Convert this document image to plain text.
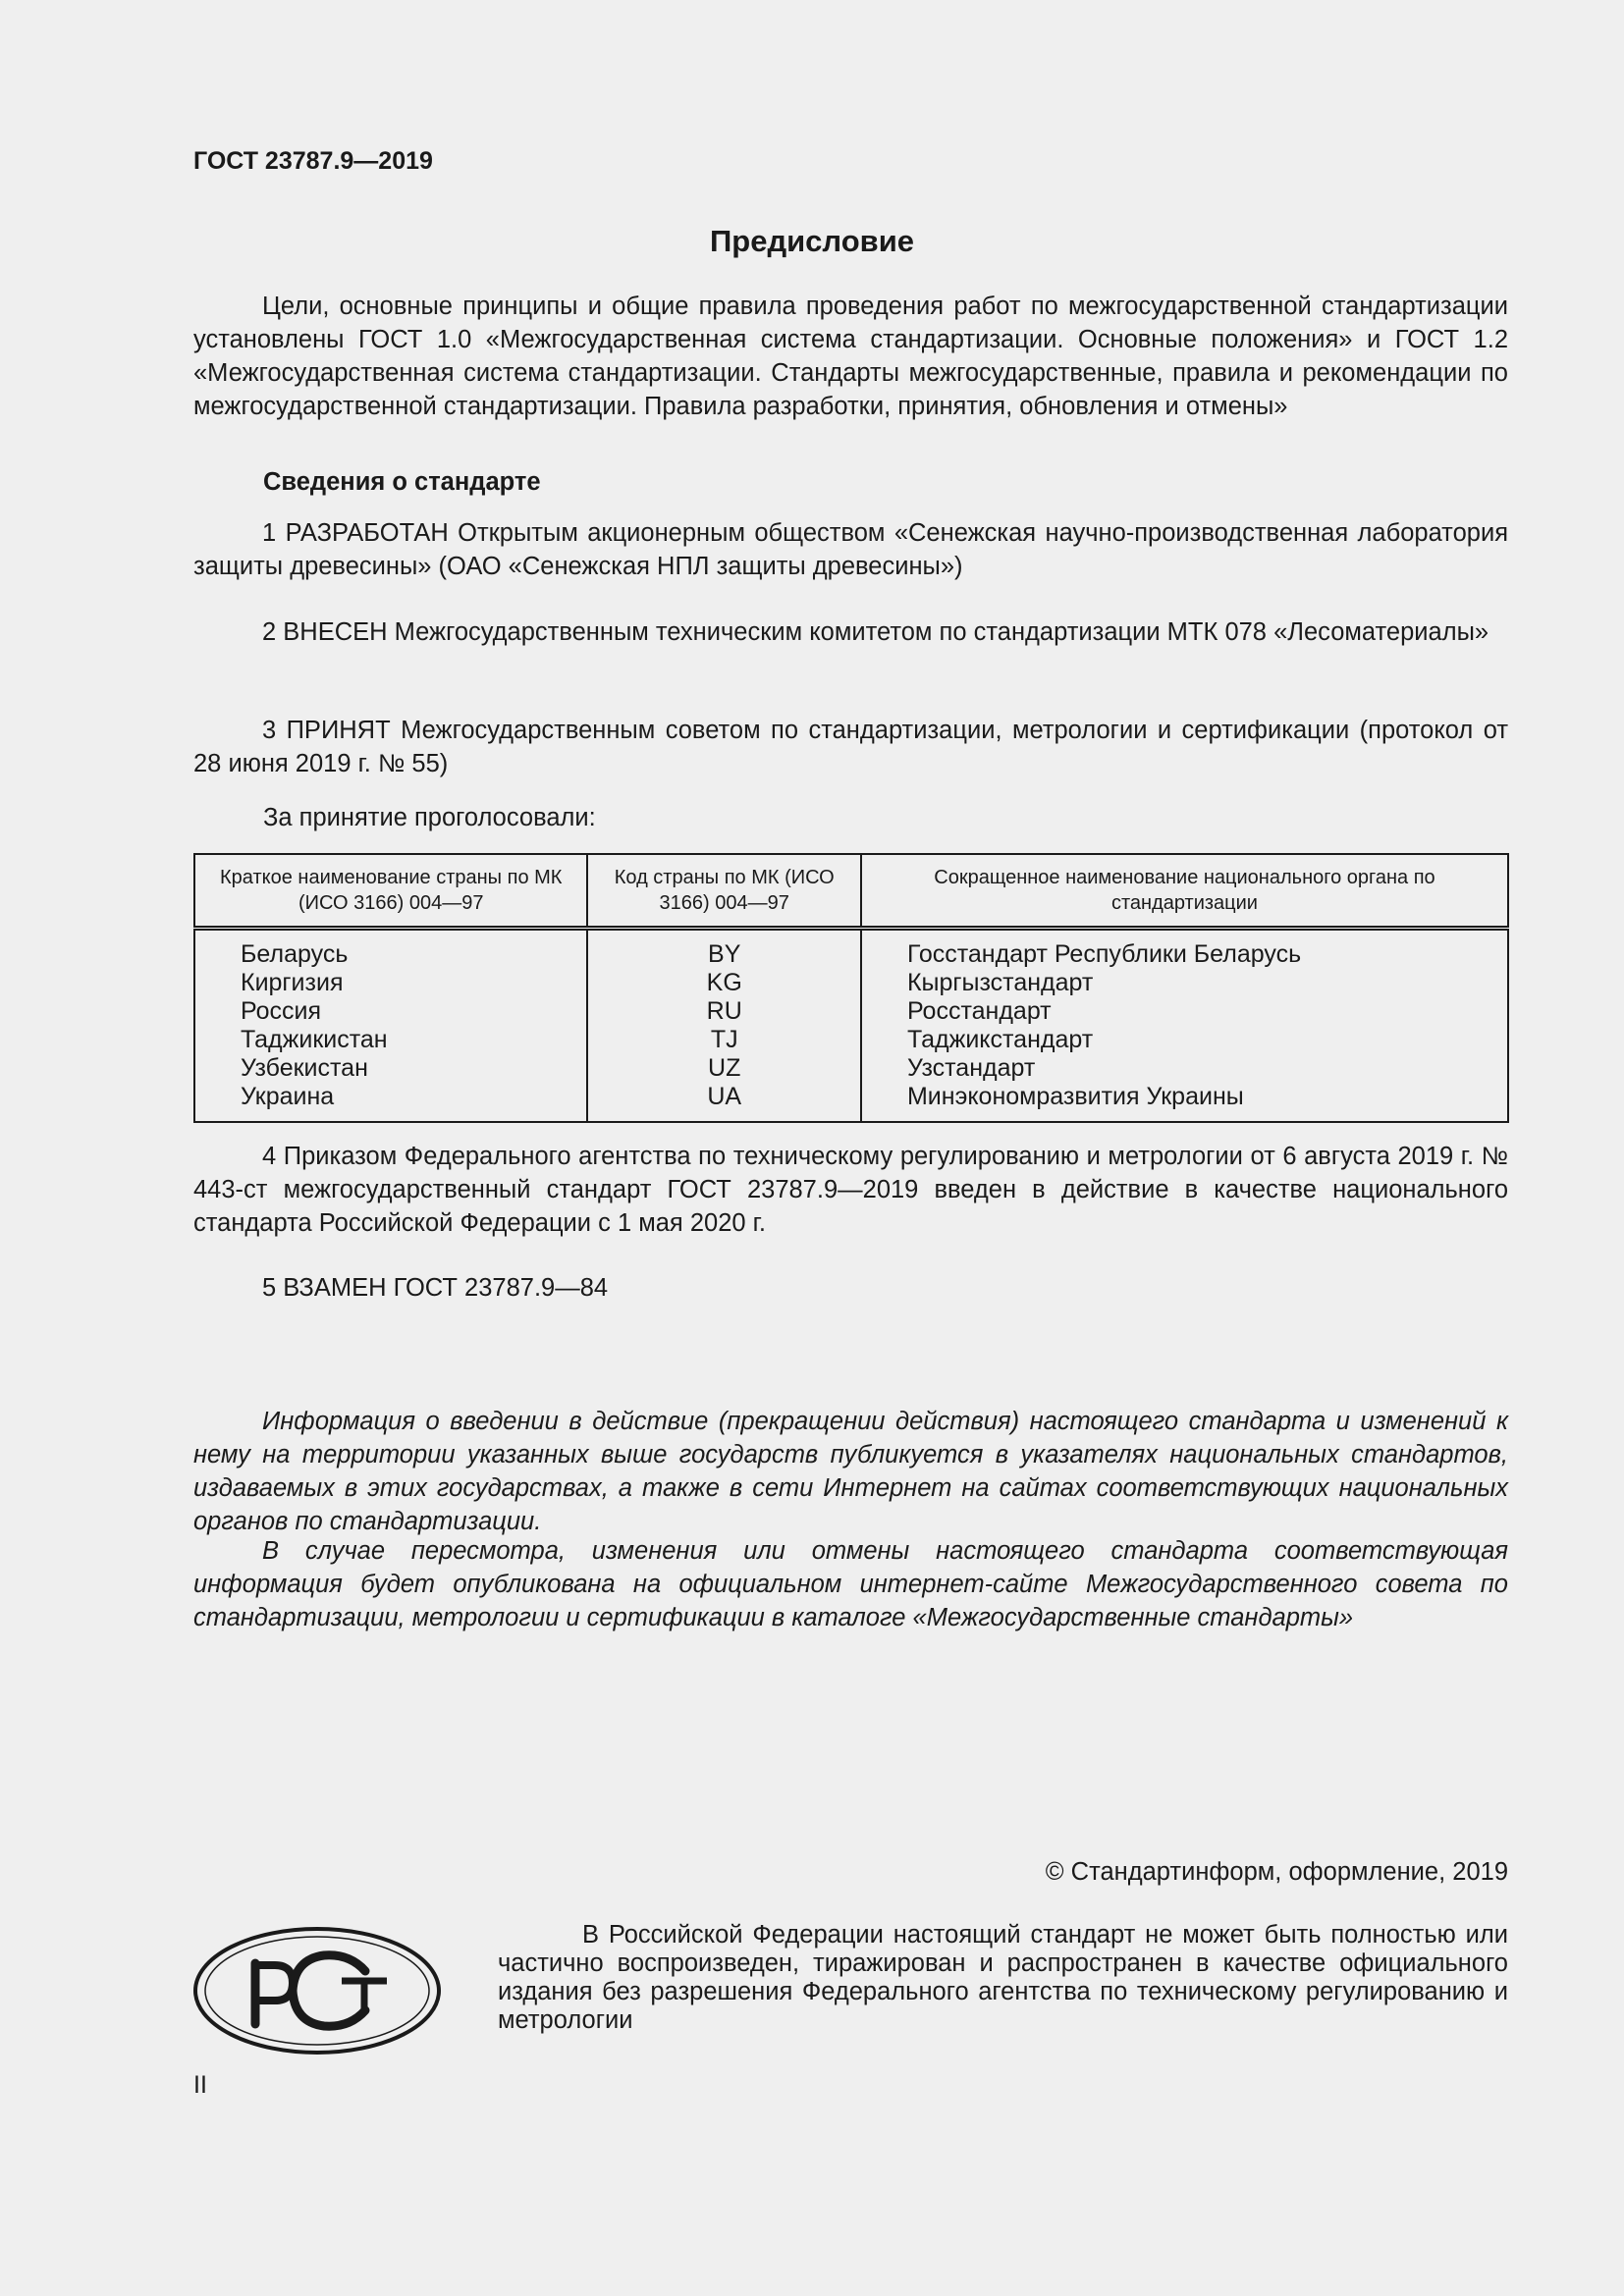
ГОСТ 23787.9—2019
Предисловие

Цели, основные принципы и общие правила проведения работ по межгосударственной стандартизации установлены ГОСТ 1.0 «Межгосударственная система стандартизации. Основные положения» и ГОСТ 1.2 «Межгосударственная система стандартизации. Стандарты межгосударственные, правила и рекомендации по межгосударственной стандартизации. Правила разработки, принятия, обновления и отмены»

Сведения о стандарте

1 РАЗРАБОТАН Открытым акционерным обществом «Сенежская научно-производственная лаборатория защиты древесины» (ОАО «Сенежская НПЛ защиты древесины»)

2 ВНЕСЕН Межгосударственным техническим комитетом по стандартизации МТК 078 «Лесоматериалы»

3 ПРИНЯТ Межгосударственным советом по стандартизации, метрологии и сертификации (протокол от 28 июня 2019 г. № 55)

За принятие проголосовали:
Краткое наименование страны по МК (ИСО 3166) 004—97	Код страны по МК (ИСО 3166) 004—97	Сокращенное наименование национального органа по стандартизации
Беларусь	BY	Госстандарт Республики Беларусь
Киргизия	KG	Кыргызстандарт
Россия	RU	Росстандарт
Таджикистан	TJ	Таджикстандарт
Узбекистан	UZ	Узстандарт
Украина	UA	Минэкономразвития Украины

4 Приказом Федерального агентства по техническому регулированию и метрологии от 6 августа 2019 г. № 443-ст межгосударственный стандарт ГОСТ 23787.9—2019 введен в действие в качестве национального стандарта Российской Федерации с 1 мая 2020 г.

5 ВЗАМЕН ГОСТ 23787.9—84

Информация о введении в действие (прекращении действия) настоящего стандарта и изменений к нему на территории указанных выше государств публикуется в указателях национальных стандартов, издаваемых в этих государствах, а также в сети Интернет на сайтах соответствующих национальных органов по стандартизации.

В случае пересмотра, изменения или отмены настоящего стандарта соответствующая информация будет опубликована на официальном интернет-сайте Межгосударственного совета по стандартизации, метрологии и сертификации в каталоге «Межгосударственные стандарты»

© Стандартинформ, оформление, 2019

В Российской Федерации настоящий стандарт не может быть полностью или частично воспроизведен, тиражирован и распространен в качестве официального издания без разрешения Федерального агентства по техническому регулированию и метрологии

II
